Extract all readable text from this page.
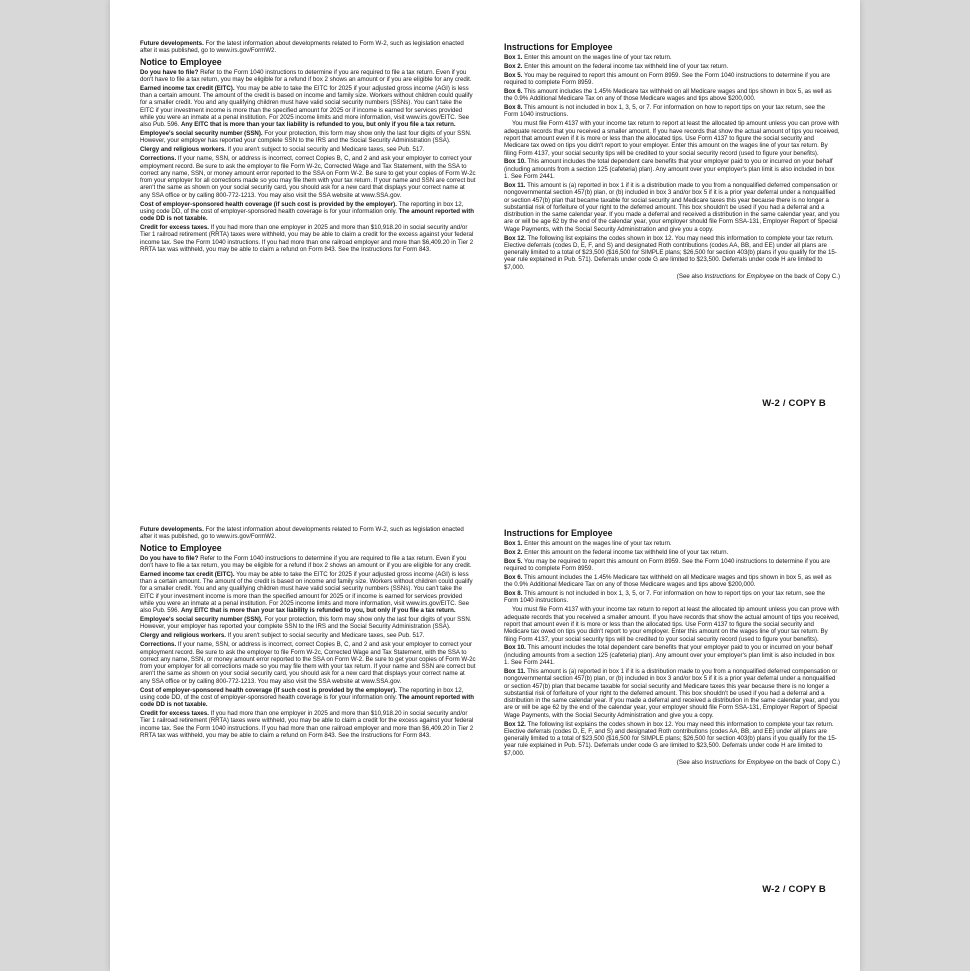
Future developments. For the latest information about developments related to Form W-2, such as legislation enacted after it was published, go to www.irs.gov/FormW2.

Notice to Employee

Do you have to file? Refer to the Form 1040 instructions to determine if you are required to file a tax return. Even if you don't have to file a tax return, you may be eligible for a refund if box 2 shows an amount or if you are eligible for any credit.

Earned income tax credit (EITC). You may be able to take the EITC for 2025 if your adjusted gross income (AGI) is less than a certain amount. The amount of the credit is based on income and family size. Workers without children could qualify for a smaller credit. You and any qualifying children must have valid social security numbers (SSNs). You can't take the EITC if your investment income is more than the specified amount for 2025 or if income is earned for services provided while you were an inmate at a penal institution. For 2025 income limits and more information, visit www.irs.gov/EITC. See also Pub. 596. Any EITC that is more than your tax liability is refunded to you, but only if you file a tax return.

Employee's social security number (SSN). For your protection, this form may show only the last four digits of your SSN. However, your employer has reported your complete SSN to the IRS and the Social Security Administration (SSA).

Clergy and religious workers. If you aren't subject to social security and Medicare taxes, see Pub. 517.

Corrections. If your name, SSN, or address is incorrect, correct Copies B, C, and 2 and ask your employer to correct your employment record. Be sure to ask the employer to file Form W-2c, Corrected Wage and Tax Statement, with the SSA to correct any name, SSN, or money amount error reported to the SSA on Form W-2. Be sure to get your copies of Form W-2c from your employer for all corrections made so you may file them with your tax return. If your name and SSN are correct but aren't the same as shown on your social security card, you should ask for a new card that displays your correct name at any SSA office or by calling 800-772-1213. You may also visit the SSA website at www.SSA.gov.

Cost of employer-sponsored health coverage (if such cost is provided by the employer). The reporting in box 12, using code DD, of the cost of employer-sponsored health coverage is for your information only. The amount reported with code DD is not taxable.

Credit for excess taxes. If you had more than one employer in 2025 and more than $10,918.20 in social security and/or Tier 1 railroad retirement (RRTA) taxes were withheld, you may be able to claim a credit for the excess against your federal income tax. See the Form 1040 instructions. If you had more than one railroad employer and more than $6,409.20 in Tier 2 RRTA tax was withheld, you may be able to claim a refund on Form 843. See the Instructions for Form 843.

Instructions for Employee

Box 1. Enter this amount on the wages line of your tax return.

Box 2. Enter this amount on the federal income tax withheld line of your tax return.

Box 5. You may be required to report this amount on Form 8959. See the Form 1040 instructions to determine if you are required to complete Form 8959.

Box 6. This amount includes the 1.45% Medicare tax withheld on all Medicare wages and tips shown in box 5, as well as the 0.9% Additional Medicare Tax on any of those Medicare wages and tips above $200,000.

Box 8. This amount is not included in box 1, 3, 5, or 7. For information on how to report tips on your tax return, see the Form 1040 instructions.

You must file Form 4137 with your income tax return to report at least the allocated tip amount unless you can prove with adequate records that you received a smaller amount. If you have records that show the actual amount of tips you received, report that amount even if it is more or less than the allocated tips. Use Form 4137 to figure the social security and Medicare tax owed on tips you didn't report to your employer. Enter this amount on the wages line of your tax return. By filing Form 4137, your social security tips will be credited to your social security record (used to figure your benefits).

Box 10. This amount includes the total dependent care benefits that your employer paid to you or incurred on your behalf (including amounts from a section 125 (cafeteria) plan). Any amount over your employer's plan limit is also included in box 1. See Form 2441.

Box 11. This amount is (a) reported in box 1 if it is a distribution made to you from a nonqualified deferred compensation or nongovernmental section 457(b) plan, or (b) included in box 3 and/or box 5 if it is a prior year deferral under a nonqualified or section 457(b) plan that became taxable for social security and Medicare taxes this year because there is no longer a substantial risk of forfeiture of your right to the deferred amount. This box shouldn't be used if you had a deferral and a distribution in the same calendar year. If you made a deferral and received a distribution in the same calendar year, and you are or will be age 62 by the end of the calendar year, your employer should file Form SSA-131, Employer Report of Special Wage Payments, with the Social Security Administration and give you a copy.

Box 12. The following list explains the codes shown in box 12. You may need this information to complete your tax return. Elective deferrals (codes D, E, F, and S) and designated Roth contributions (codes AA, BB, and EE) under all plans are generally limited to a total of $23,500 ($16,500 for SIMPLE plans; $26,500 for section 403(b) plans if you qualify for the 15-year rule explained in Pub. 571). Deferrals under code G are limited to $23,500. Deferrals under code H are limited to $7,000.

(See also Instructions for Employee on the back of Copy C.)

W-2 / COPY B

Future developments. For the latest information about developments related to Form W-2, such as legislation enacted after it was published, go to www.irs.gov/FormW2.

Notice to Employee

Do you have to file? Refer to the Form 1040 instructions to determine if you are required to file a tax return. Even if you don't have to file a tax return, you may be eligible for a refund if box 2 shows an amount or if you are eligible for any credit.

Earned income tax credit (EITC). You may be able to take the EITC for 2025 if your adjusted gross income (AGI) is less than a certain amount. The amount of the credit is based on income and family size. Workers without children could qualify for a smaller credit. You and any qualifying children must have valid social security numbers (SSNs). You can't take the EITC if your investment income is more than the specified amount for 2025 or if income is earned for services provided while you were an inmate at a penal institution. For 2025 income limits and more information, visit www.irs.gov/EITC. See also Pub. 596. Any EITC that is more than your tax liability is refunded to you, but only if you file a tax return.

Employee's social security number (SSN). For your protection, this form may show only the last four digits of your SSN. However, your employer has reported your complete SSN to the IRS and the Social Security Administration (SSA).

Clergy and religious workers. If you aren't subject to social security and Medicare taxes, see Pub. 517.

Corrections. If your name, SSN, or address is incorrect, correct Copies B, C, and 2 and ask your employer to correct your employment record. Be sure to ask the employer to file Form W-2c, Corrected Wage and Tax Statement, with the SSA to correct any name, SSN, or money amount error reported to the SSA on Form W-2. Be sure to get your copies of Form W-2c from your employer for all corrections made so you may file them with your tax return. If your name and SSN are correct but aren't the same as shown on your social security card, you should ask for a new card that displays your correct name at any SSA office or by calling 800-772-1213. You may also visit the SSA website at www.SSA.gov.

Cost of employer-sponsored health coverage (if such cost is provided by the employer). The reporting in box 12, using code DD, of the cost of employer-sponsored health coverage is for your information only. The amount reported with code DD is not taxable.

Credit for excess taxes. If you had more than one employer in 2025 and more than $10,918.20 in social security and/or Tier 1 railroad retirement (RRTA) taxes were withheld, you may be able to claim a credit for the excess against your federal income tax. See the Form 1040 instructions. If you had more than one railroad employer and more than $6,409.20 in Tier 2 RRTA tax was withheld, you may be able to claim a refund on Form 843. See the Instructions for Form 843.

Instructions for Employee

Box 1. Enter this amount on the wages line of your tax return.

Box 2. Enter this amount on the federal income tax withheld line of your tax return.

Box 5. You may be required to report this amount on Form 8959. See the Form 1040 instructions to determine if you are required to complete Form 8959.

Box 6. This amount includes the 1.45% Medicare tax withheld on all Medicare wages and tips shown in box 5, as well as the 0.9% Additional Medicare Tax on any of those Medicare wages and tips above $200,000.

Box 8. This amount is not included in box 1, 3, 5, or 7. For information on how to report tips on your tax return, see the Form 1040 instructions.

You must file Form 4137 with your income tax return to report at least the allocated tip amount unless you can prove with adequate records that you received a smaller amount. If you have records that show the actual amount of tips you received, report that amount even if it is more or less than the allocated tips. Use Form 4137 to figure the social security and Medicare tax owed on tips you didn't report to your employer. Enter this amount on the wages line of your tax return. By filing Form 4137, your social security tips will be credited to your social security record (used to figure your benefits).

Box 10. This amount includes the total dependent care benefits that your employer paid to you or incurred on your behalf (including amounts from a section 125 (cafeteria) plan). Any amount over your employer's plan limit is also included in box 1. See Form 2441.

Box 11. This amount is (a) reported in box 1 if it is a distribution made to you from a nonqualified deferred compensation or nongovernmental section 457(b) plan, or (b) included in box 3 and/or box 5 if it is a prior year deferral under a nonqualified or section 457(b) plan that became taxable for social security and Medicare taxes this year because there is no longer a substantial risk of forfeiture of your right to the deferred amount. This box shouldn't be used if you had a deferral and a distribution in the same calendar year. If you made a deferral and received a distribution in the same calendar year, and you are or will be age 62 by the end of the calendar year, your employer should file Form SSA-131, Employer Report of Special Wage Payments, with the Social Security Administration and give you a copy.

Box 12. The following list explains the codes shown in box 12. You may need this information to complete your tax return. Elective deferrals (codes D, E, F, and S) and designated Roth contributions (codes AA, BB, and EE) under all plans are generally limited to a total of $23,500 ($16,500 for SIMPLE plans; $26,500 for section 403(b) plans if you qualify for the 15-year rule explained in Pub. 571). Deferrals under code G are limited to $23,500. Deferrals under code H are limited to $7,000.

(See also Instructions for Employee on the back of Copy C.)

W-2 / COPY B
